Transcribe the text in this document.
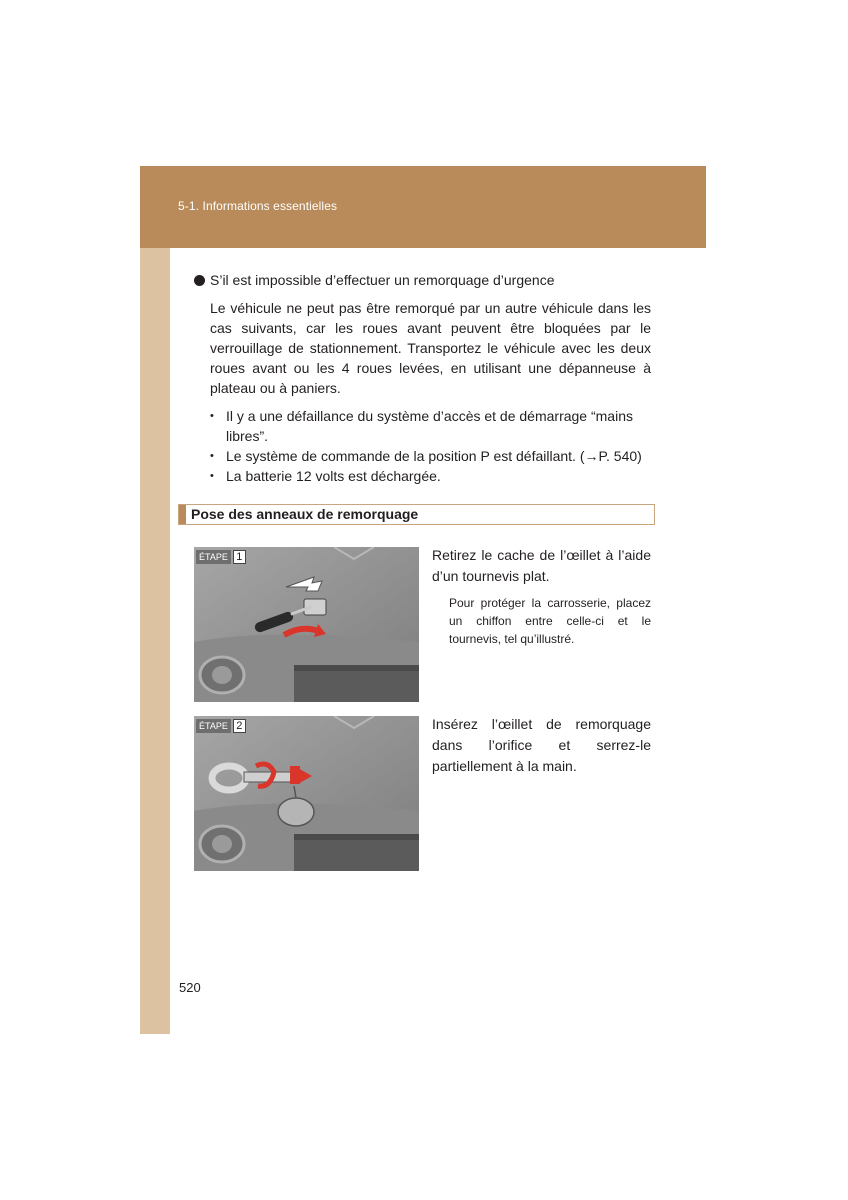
5-1. Informations essentielles
S’il est impossible d’effectuer un remorquage d’urgence
Le véhicule ne peut pas être remorqué par un autre véhicule dans les cas suivants, car les roues avant peuvent être bloquées par le verrouillage de stationnement. Transportez le véhicule avec les deux roues avant ou les 4 roues levées, en utilisant une dépanneuse à plateau ou à paniers.
• Il y a une défaillance du système d’accès et de démarrage “mains libres”.
• Le système de commande de la position P est défaillant. (→P. 540)
• La batterie 12 volts est déchargée.
Pose des anneaux de remorquage
ÉTAPE 1	Retirez le cache de l’œillet à l’aide d’un tournevis plat.
Pour protéger la carrosserie, placez un chiffon entre celle-ci et le tournevis, tel qu’illustré.
ÉTAPE 2	Insérez l’œillet de remorquage dans l’orifice et serrez-le partiellement à la main.
520
